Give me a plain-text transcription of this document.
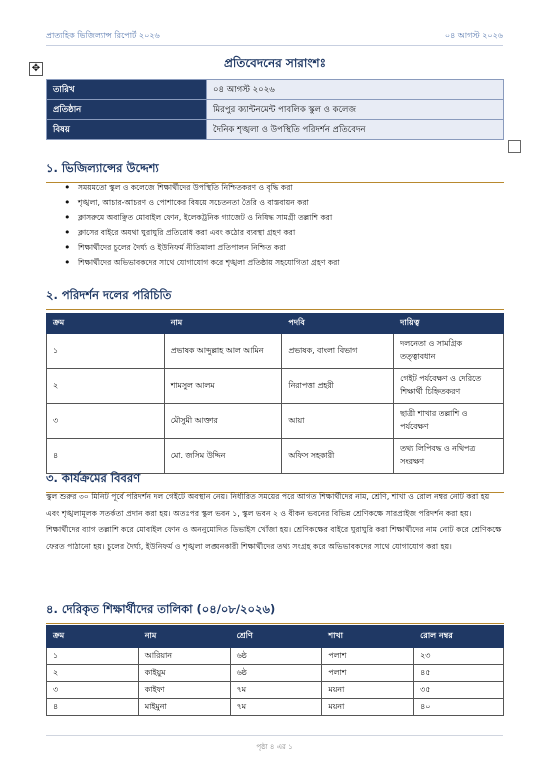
প্রাত্যহিক ভিজিল্যান্স রিপোর্ট ২০২৬	০৪ আগস্ট ২০২৬
✥	প্রতিবেদনের সারাংশঃ
তারিখ	০৪ আগস্ট ২০২৬
প্রতিষ্ঠান	মিরপুর ক্যান্টনমেন্ট পাবলিক স্কুল ও কলেজ
বিষয়	দৈনিক শৃঙ্খলা ও উপস্থিতি পরিদর্শন প্রতিবেদন
১. ভিজিল্যান্সের উদ্দেশ্য
• সময়মতো স্কুল ও কলেজে শিক্ষার্থীদের উপস্থিতি নিশ্চিতকরণ ও বৃদ্ধি করা
• শৃঙ্খলা, আচার-আচরণ ও পোশাকের বিষয়ে সচেতনতা তৈরি ও বাস্তবায়ন করা
• ক্লাসরুমে অবাঞ্ছিত মোবাইল ফোন, ইলেকট্রনিক গ্যাজেট ও নিষিদ্ধ সামগ্রী তল্লাশি করা
• ক্লাসের বাইরে অযথা ঘুরাঘুরি প্রতিরোধ করা এবং কঠোর ব্যবস্থা গ্রহণ করা
• শিক্ষার্থীদের চুলের দৈর্ঘ্য ও ইউনিফর্ম নীতিমালা প্রতিপালন নিশ্চিত করা
• শিক্ষার্থীদের অভিভাবকদের সাথে যোগাযোগ করে শৃঙ্খলা প্রতিষ্ঠায় সহযোগিতা গ্রহণ করা
২. পরিদর্শন দলের পরিচিতি
ক্রম	নাম	পদবি	দায়িত্ব
১	প্রভাষক আব্দুল্লাহ আল আমিন	প্রভাষক, বাংলা বিভাগ	দলনেতা ও সামগ্রিক তত্ত্বাবধান
২	শামসুল আলম	নিরাপত্তা প্রহরী	গেইট পর্যবেক্ষণ ও দেরিতে শিক্ষার্থী চিহ্নিতকরণ
৩	মৌসুমী আক্তার	আয়া	ছাত্রী শাখার তল্লাশি ও পর্যবেক্ষণ
৪	মো. জসিম উদ্দিন	অফিস সহকারী	তথ্য লিপিবদ্ধ ও নথিপত্র সংরক্ষণ
৩. কার্যক্রমের বিবরণ

স্কুল শুরুর ৩০ মিনিট পূর্বে পরিদর্শন দল গেইটে অবস্থান নেয়। নির্ধারিত সময়ের পরে আগত শিক্ষার্থীদের নাম, শ্রেণি, শাখা ও রোল নম্বর নোট করা হয় এবং শৃঙ্খলামূলক সতর্কতা প্রদান করা হয়। অতঃপর স্কুল ভবন ১, স্কুল ভবন ২ ও বীকন ভবনের বিভিন্ন শ্রেণিকক্ষে সারপ্রাইজ পরিদর্শন করা হয়। শিক্ষার্থীদের ব্যাগ তল্লাশি করে মোবাইল ফোন ও অননুমোদিত ডিভাইস খোঁজা হয়। শ্রেণিকক্ষের বাইরে ঘুরাঘুরি করা শিক্ষার্থীদের নাম নোট করে শ্রেণিকক্ষে ফেরত পাঠানো হয়। চুলের দৈর্ঘ্য, ইউনিফর্ম ও শৃঙ্খলা লঙ্ঘনকারী শিক্ষার্থীদের তথ্য সংগ্রহ করে অভিভাবকদের সাথে যোগাযোগ করা হয়।

৪. দেরিকৃত শিক্ষার্থীদের তালিকা (০৪/০৮/২০২৬)
ক্রম	নাম	শ্রেণি	শাখা	রোল নম্বর
১	আরিয়ান	৬ষ্ঠ	পলাশ	২৩
২	কাইয়ুম	৬ষ্ঠ	পলাশ	৪৫
৩	কাইফা	৭ম	ময়না	৩৫
৪	মাইমুনা	৭ম	ময়না	৪০
পৃষ্ঠা ৪ এর ১
